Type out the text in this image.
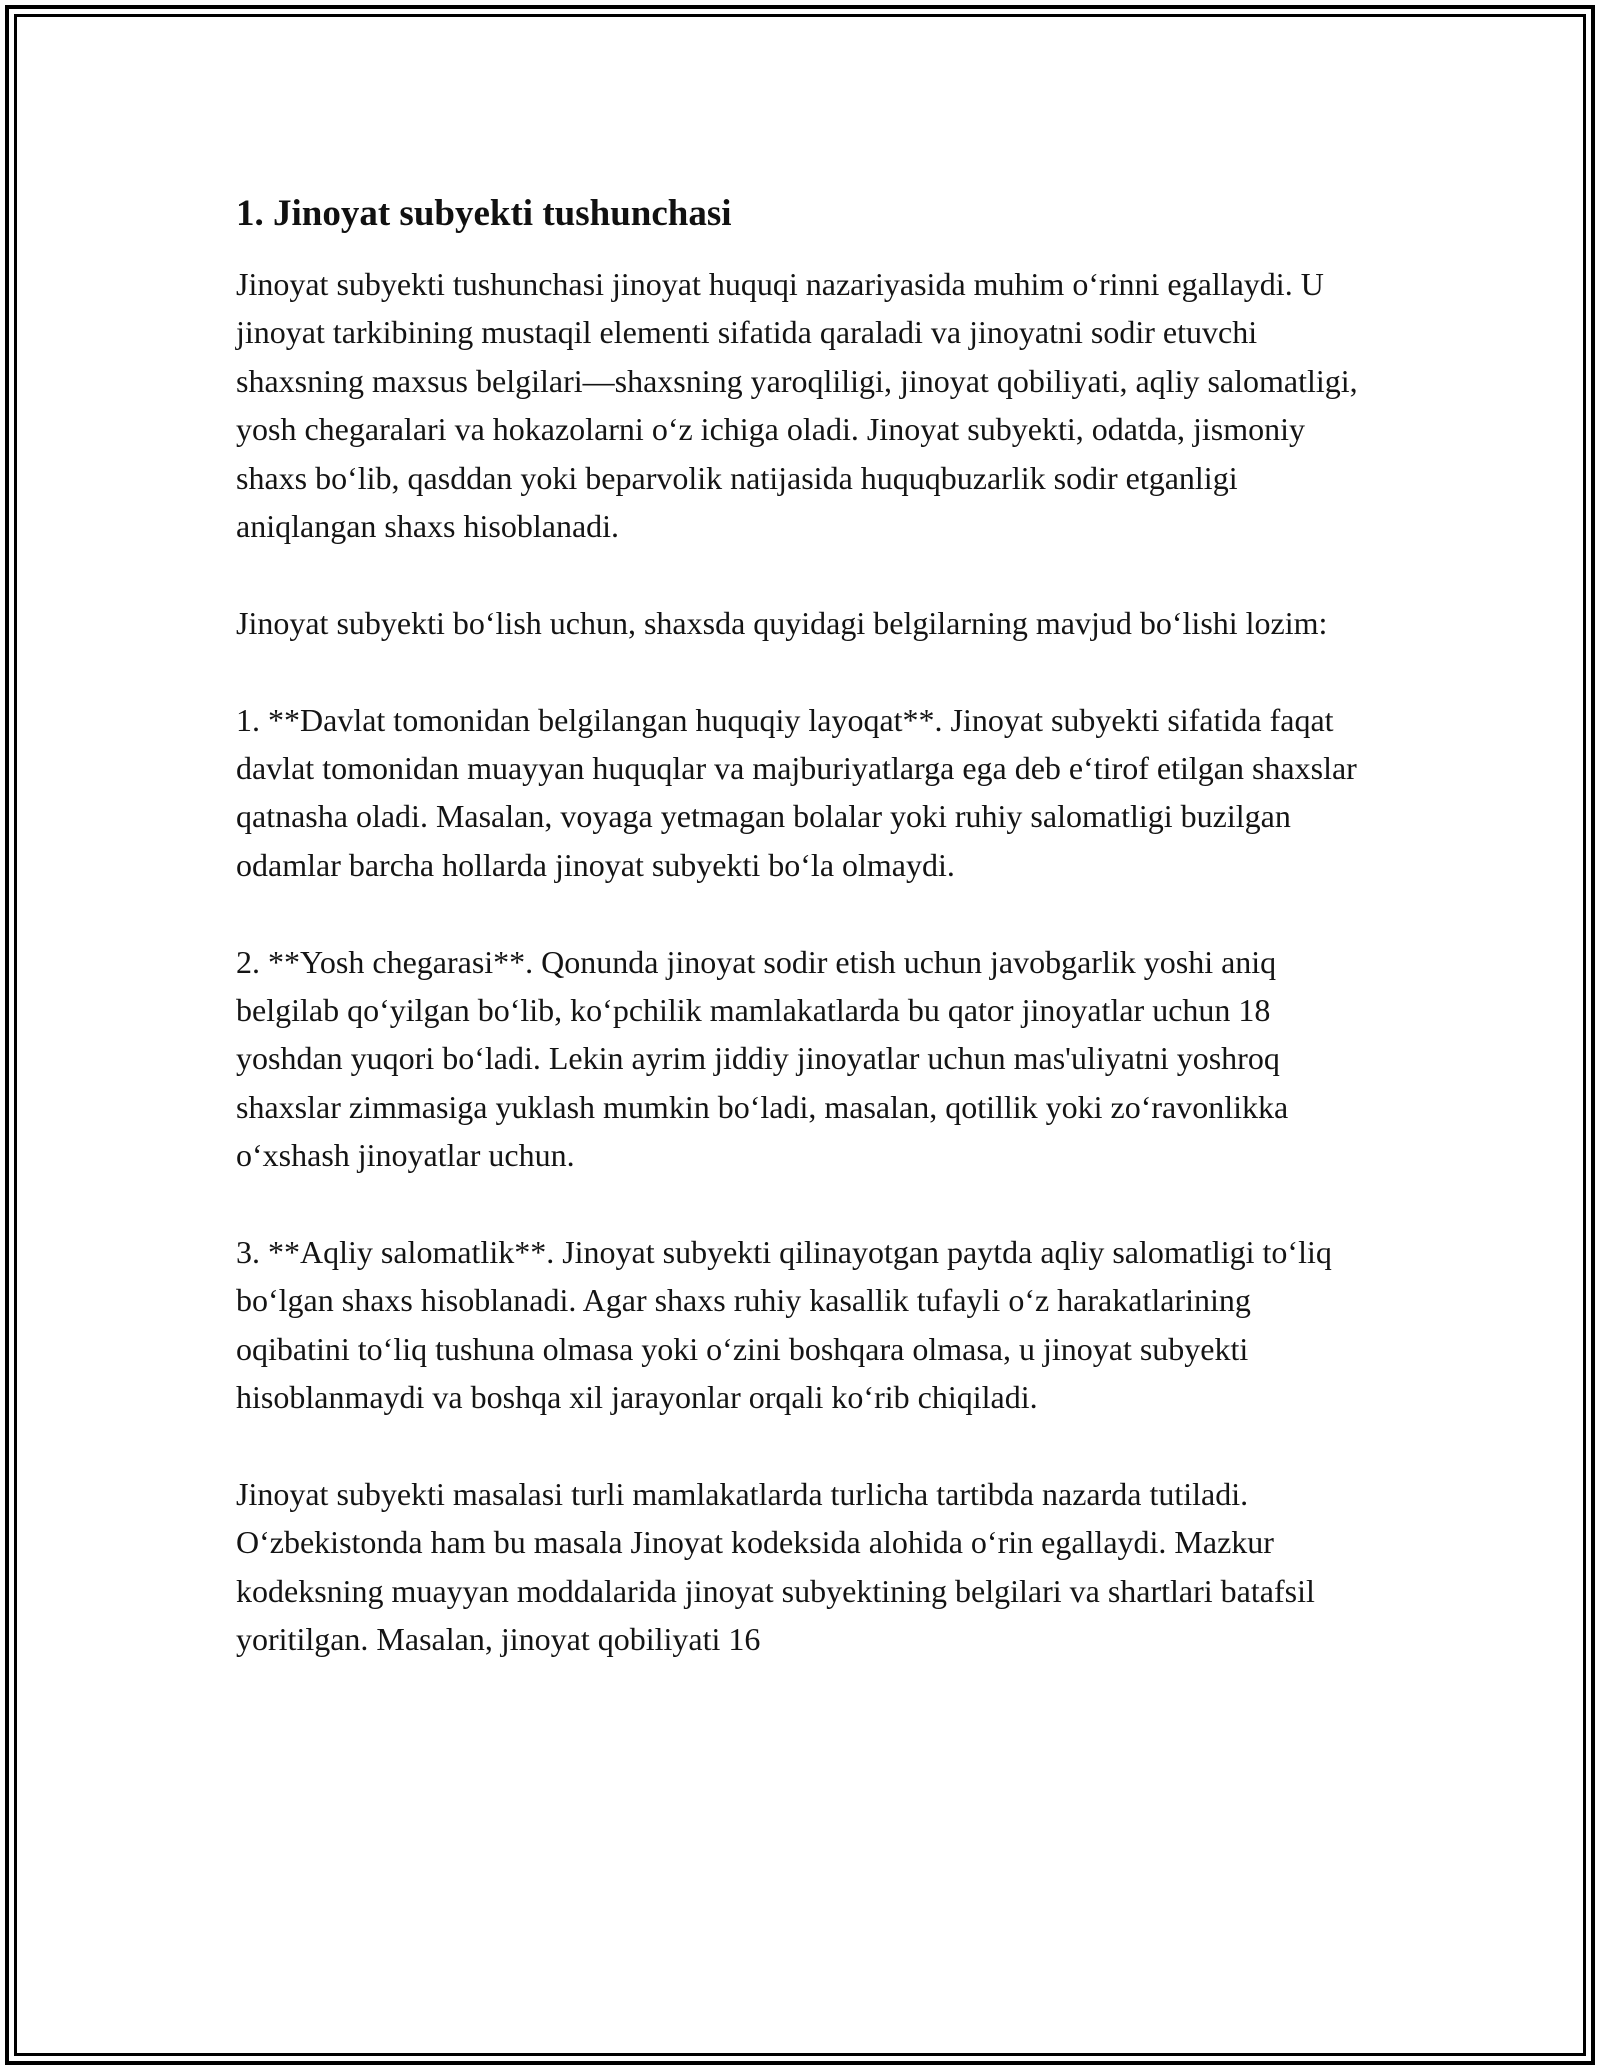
1. Jinoyat subyekti tushunchasi

Jinoyat subyekti tushunchasi jinoyat huquqi nazariyasida muhim o‘rinni egallaydi. U jinoyat tarkibining mustaqil elementi sifatida qaraladi va jinoyatni sodir etuvchi shaxsning maxsus belgilari—shaxsning yaroqliligi, jinoyat qobiliyati, aqliy salomatligi, yosh chegaralari va hokazolarni o‘z ichiga oladi. Jinoyat subyekti, odatda, jismoniy shaxs bo‘lib, qasddan yoki beparvolik natijasida huquqbuzarlik sodir etganligi aniqlangan shaxs hisoblanadi.

Jinoyat subyekti bo‘lish uchun, shaxsda quyidagi belgilarning mavjud bo‘lishi lozim:

1. **Davlat tomonidan belgilangan huquqiy layoqat**. Jinoyat subyekti sifatida faqat davlat tomonidan muayyan huquqlar va majburiyatlarga ega deb e‘tirof etilgan shaxslar qatnasha oladi. Masalan, voyaga yetmagan bolalar yoki ruhiy salomatligi buzilgan odamlar barcha hollarda jinoyat subyekti bo‘la olmaydi.

2. **Yosh chegarasi**. Qonunda jinoyat sodir etish uchun javobgarlik yoshi aniq belgilab qo‘yilgan bo‘lib, ko‘pchilik mamlakatlarda bu qator jinoyatlar uchun 18 yoshdan yuqori bo‘ladi. Lekin ayrim jiddiy jinoyatlar uchun mas'uliyatni yoshroq shaxslar zimmasiga yuklash mumkin bo‘ladi, masalan, qotillik yoki zo‘ravonlikka o‘xshash jinoyatlar uchun.

3. **Aqliy salomatlik**. Jinoyat subyekti qilinayotgan paytda aqliy salomatligi to‘liq bo‘lgan shaxs hisoblanadi. Agar shaxs ruhiy kasallik tufayli o‘z harakatlarining oqibatini to‘liq tushuna olmasa yoki o‘zini boshqara olmasa, u jinoyat subyekti hisoblanmaydi va boshqa xil jarayonlar orqali ko‘rib chiqiladi.

Jinoyat subyekti masalasi turli mamlakatlarda turlicha tartibda nazarda tutiladi. O‘zbekistonda ham bu masala Jinoyat kodeksida alohida o‘rin egallaydi. Mazkur kodeksning muayyan moddalarida jinoyat subyektining belgilari va shartlari batafsil yoritilgan. Masalan, jinoyat qobiliyati 16
